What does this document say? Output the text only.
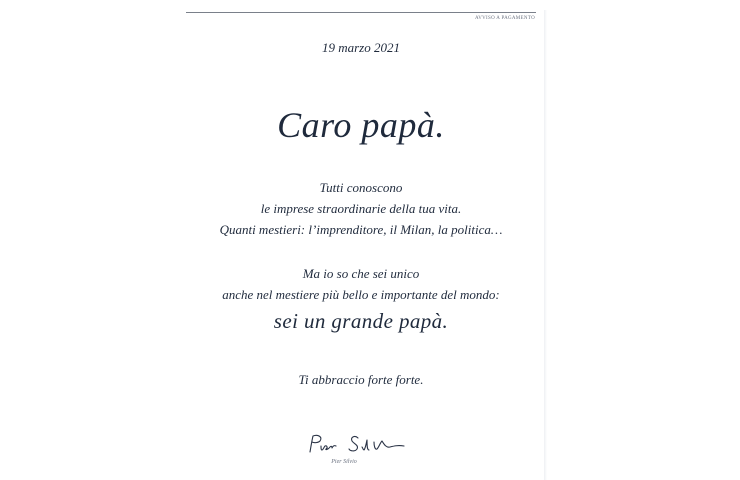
AVVISO A PAGAMENTO
19 marzo 2021
Caro papà.
Tutti conoscono
le imprese straordinarie della tua vita.
Quanti mestieri: l’imprenditore, il Milan, la politica…
Ma io so che sei unico
anche nel mestiere più bello e importante del mondo:
sei un grande papà.
Ti abbraccio forte forte.
Pier Silvio
